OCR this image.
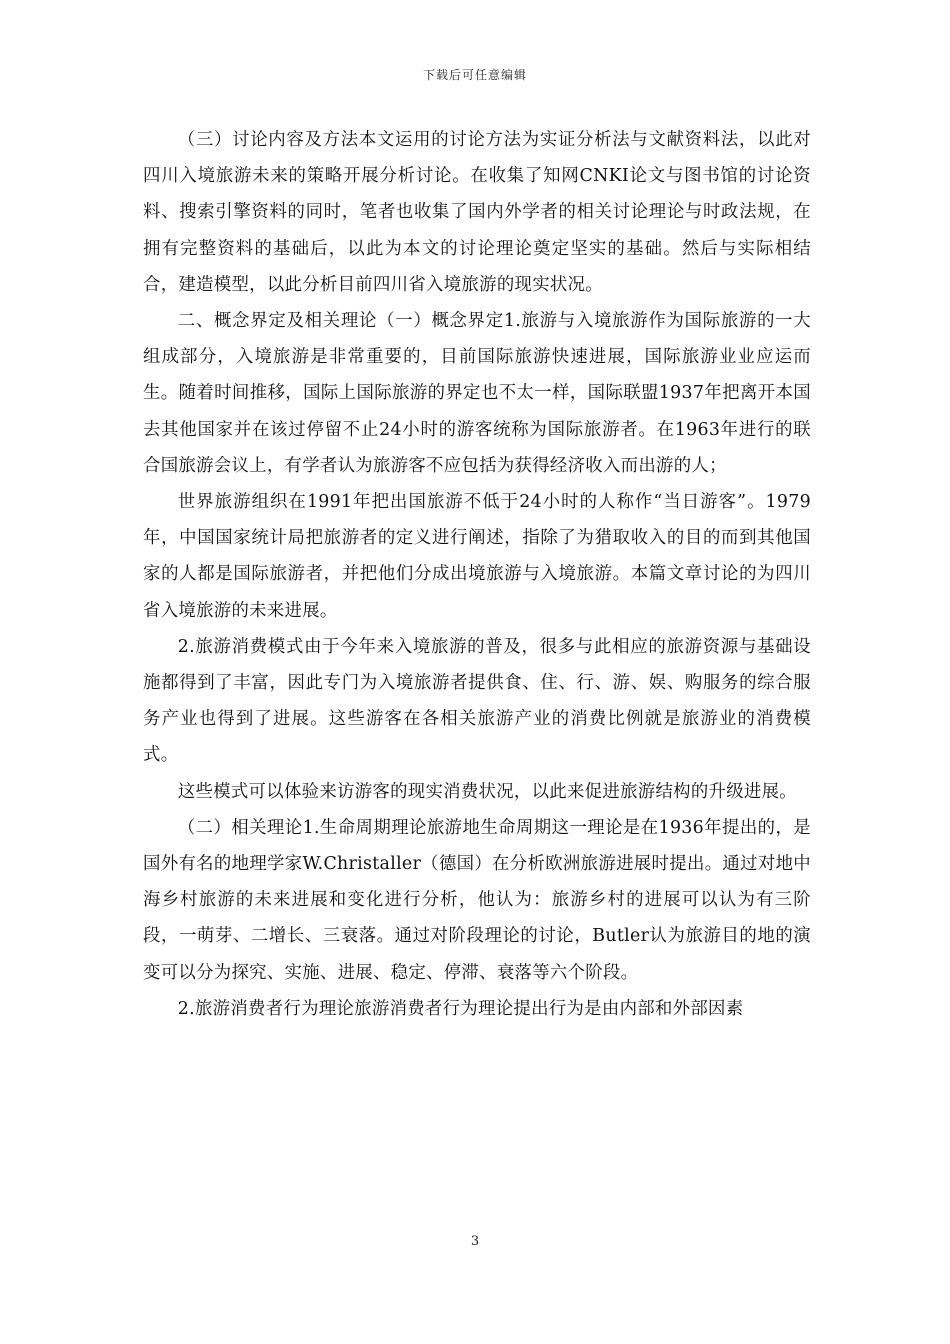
下载后可任意编辑

（三）讨论内容及方法本文运用的讨论方法为实证分析法与文献资料法，以此对四川入境旅游未来的策略开展分析讨论。在收集了知网CNKI论文与图书馆的讨论资料、搜索引擎资料的同时，笔者也收集了国内外学者的相关讨论理论与时政法规，在拥有完整资料的基础后，以此为本文的讨论理论奠定坚实的基础。然后与实际相结合，建造模型，以此分析目前四川省入境旅游的现实状况。

二、概念界定及相关理论（一）概念界定1.旅游与入境旅游作为国际旅游的一大组成部分，入境旅游是非常重要的，目前国际旅游快速进展，国际旅游业业应运而生。随着时间推移，国际上国际旅游的界定也不太一样，国际联盟1937年把离开本国去其他国家并在该过停留不止24小时的游客统称为国际旅游者。在1963年进行的联合国旅游会议上，有学者认为旅游客不应包括为获得经济收入而出游的人；

世界旅游组织在1991年把出国旅游不低于24小时的人称作“当日游客”。1979年，中国国家统计局把旅游者的定义进行阐述，指除了为猎取收入的目的而到其他国家的人都是国际旅游者，并把他们分成出境旅游与入境旅游。本篇文章讨论的为四川省入境旅游的未来进展。

2.旅游消费模式由于今年来入境旅游的普及，很多与此相应的旅游资源与基础设施都得到了丰富，因此专门为入境旅游者提供食、住、行、游、娱、购服务的综合服务产业也得到了进展。这些游客在各相关旅游产业的消费比例就是旅游业的消费模式。

这些模式可以体验来访游客的现实消费状况，以此来促进旅游结构的升级进展。

（二）相关理论1.生命周期理论旅游地生命周期这一理论是在1936年提出的，是国外有名的地理学家W.Christaller（德国）在分析欧洲旅游进展时提出。通过对地中海乡村旅游的未来进展和变化进行分析，他认为：旅游乡村的进展可以认为有三阶段，一萌芽、二增长、三衰落。通过对阶段理论的讨论，Butler认为旅游目的地的演变可以分为探究、实施、进展、稳定、停滞、衰落等六个阶段。

2.旅游消费者行为理论旅游消费者行为理论提出行为是由内部和外部因素

3
